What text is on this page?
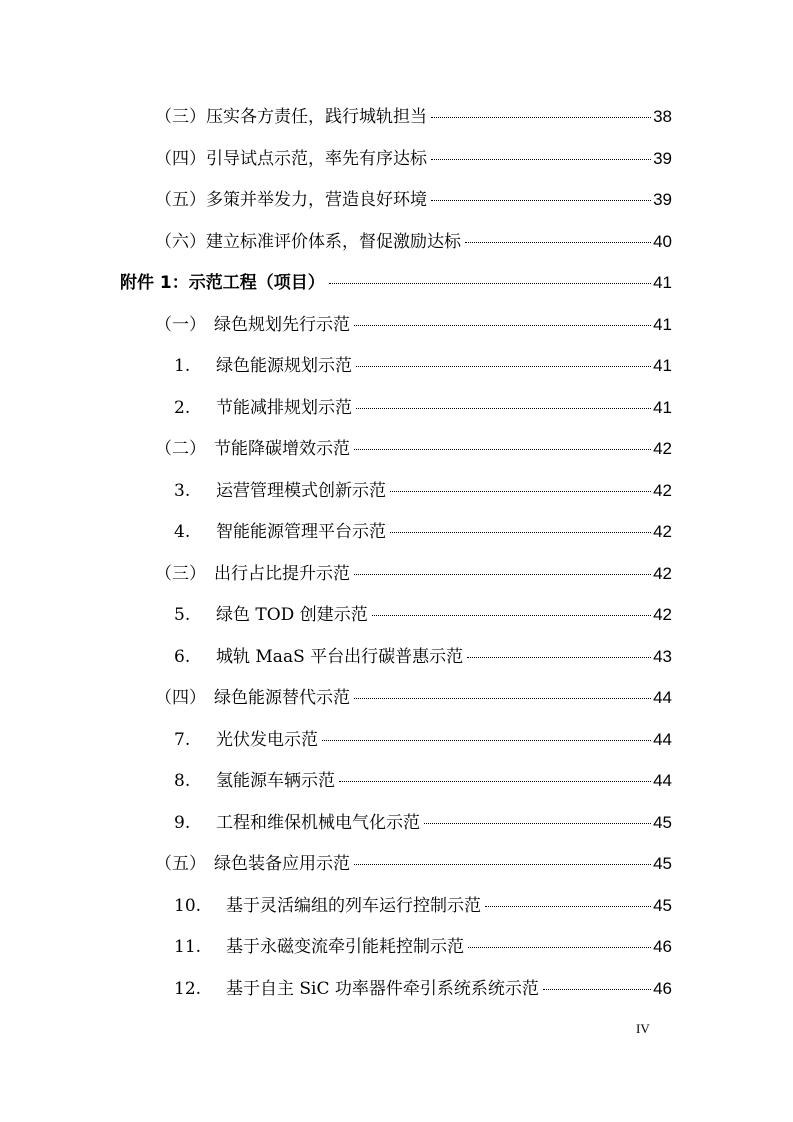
（三） 压实各方责任，践行城轨担当	38
（四） 引导试点示范，率先有序达标	39
（五） 多策并举发力，营造良好环境	39
（六） 建立标准评价体系，督促激励达标	40
附件 1： 示范工程（项目）	41
（一） 绿色规划先行示范	41
1.	绿色能源规划示范	41
2.	节能减排规划示范	41
（二） 节能降碳增效示范	42
3.	运营管理模式创新示范	42
4.	智能能源管理平台示范	42
（三） 出行占比提升示范	42
5.	绿色 TOD 创建示范	42
6.	城轨 MaaS 平台出行碳普惠示范	43
（四） 绿色能源替代示范	44
7.	光伏发电示范	44
8.	氢能源车辆示范	44
9.	工程和维保机械电气化示范	45
（五） 绿色装备应用示范	45
10.	基于灵活编组的列车运行控制示范	45
11.	基于永磁变流牵引能耗控制示范	46
12.	基于自主 SiC 功率器件牵引系统系统示范	46
IV
